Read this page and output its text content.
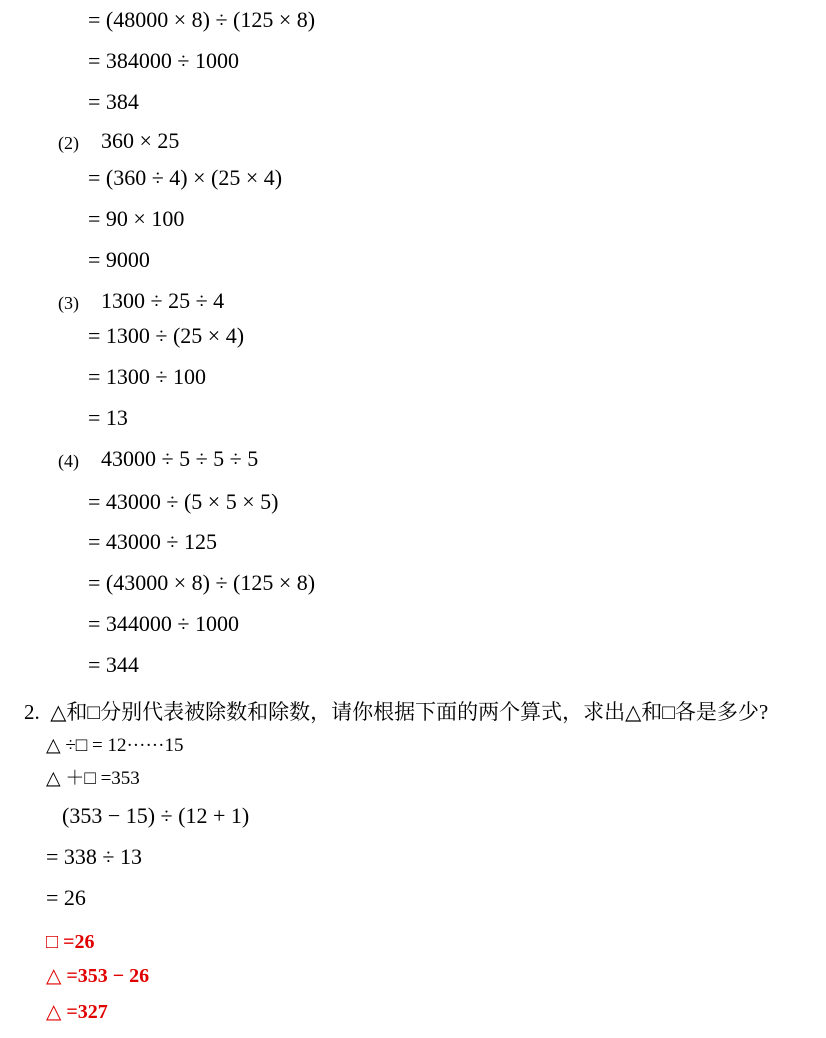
= (48000 × 8) ÷ (125 × 8)
= 384000 ÷ 1000
= 384
(2) 360 × 25
= (360 ÷ 4) × (25 × 4)
= 90 × 100
= 9000
(3) 1300 ÷ 25 ÷ 4
= 1300 ÷ (25 × 4)
= 1300 ÷ 100
= 13
(4) 43000 ÷ 5 ÷ 5 ÷ 5
= 43000 ÷ (5 × 5 × 5)
= 43000 ÷ 125
= (43000 × 8) ÷ (125 × 8)
= 344000 ÷ 1000
= 344
2.  △和□分别代表被除数和除数，请你根据下面的两个算式，求出△和□各是多少?
△ ÷□ = 12······15
△ ＋□ =353
(353 − 15) ÷ (12 + 1)
= 338 ÷ 13
= 26
□ =26
△ =353 − 26
△ =327
